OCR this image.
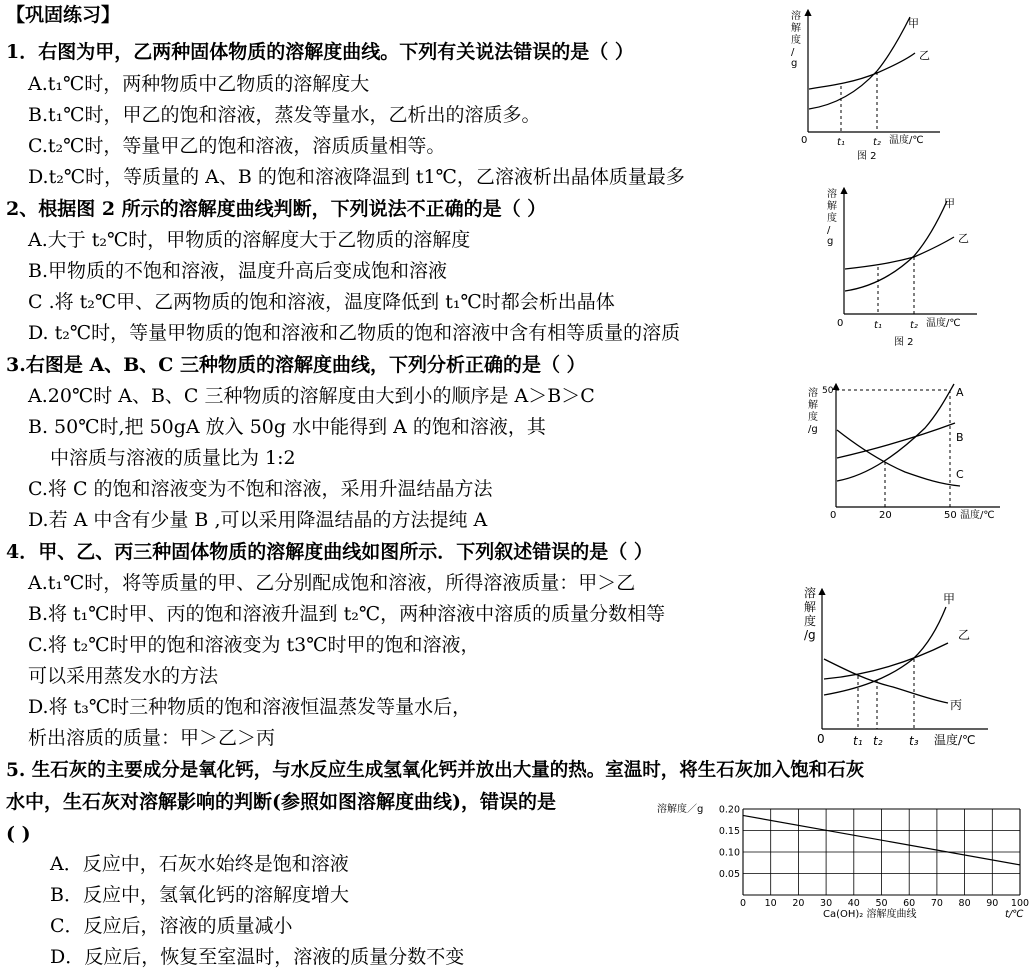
【巩固练习】
1．右图为甲，乙两种固体物质的溶解度曲线。下列有关说法错误的是（ ）
A.t₁℃时，两种物质中乙物质的溶解度大
B.t₁℃时，甲乙的饱和溶液，蒸发等量水，乙析出的溶质多。
C.t₂℃时，等量甲乙的饱和溶液，溶质质量相等。
D.t₂℃时，等质量的 A、B 的饱和溶液降温到 t1℃，乙溶液析出晶体质量最多
2、根据图 2 所示的溶解度曲线判断，下列说法不正确的是（ ）
A.大于 t₂℃时，甲物质的溶解度大于乙物质的溶解度
B.甲物质的不饱和溶液，温度升高后变成饱和溶液
C .将 t₂℃甲、乙两物质的饱和溶液，温度降低到 t₁℃时都会析出晶体
D. t₂℃时，等量甲物质的饱和溶液和乙物质的饱和溶液中含有相等质量的溶质
3.右图是 A、B、C 三种物质的溶解度曲线，下列分析正确的是（ ）
A.20℃时 A、B、C 三种物质的溶解度由大到小的顺序是 A＞B＞C
B. 50℃时,把 50gA 放入 50g 水中能得到 A 的饱和溶液，其
中溶质与溶液的质量比为 1:2
C.将 C 的饱和溶液变为不饱和溶液，采用升温结晶方法
D.若 A 中含有少量 B ,可以采用降温结晶的方法提纯 A
4．甲、乙、丙三种固体物质的溶解度曲线如图所示．下列叙述错误的是（ ）
A.t₁℃时，将等质量的甲、乙分别配成饱和溶液，所得溶液质量：甲＞乙
B.将 t₁℃时甲、丙的饱和溶液升温到 t₂℃，两种溶液中溶质的质量分数相等
C.将 t₂℃时甲的饱和溶液变为 t3℃时甲的饱和溶液，
可以采用蒸发水的方法
D.将 t₃℃时三种物质的饱和溶液恒温蒸发等量水后，
析出溶质的质量：甲＞乙＞丙
5. 生石灰的主要成分是氧化钙，与水反应生成氢氧化钙并放出大量的热。室温时，将生石灰加入饱和石灰
水中，生石灰对溶解影响的判断(参照如图溶解度曲线)，错误的是
( )
A．反应中，石灰水始终是饱和溶液
B．反应中，氢氧化钙的溶解度增大
C．反应后，溶液的质量减小
D．反应后，恢复至室温时，溶液的质量分数不变
溶
解
度
/
g
甲
乙
0	t₁	t₂ 温度/℃
图 2
溶
解
度
/
g
甲
乙
0	t₁	t₂ 温度/℃
图 2
溶
解
度
/g
A
B
C
50
0	20	50 温度/℃
溶
解
度
/g
甲
乙
丙
0 t₁ t₂ t₃ 温度/℃
溶解度／g
Ca(OH)₂ 溶解度曲线	t/℃
0 10 20 30 40 50 60 70 80 90 100
0.05
0.10
0.15
0.20
